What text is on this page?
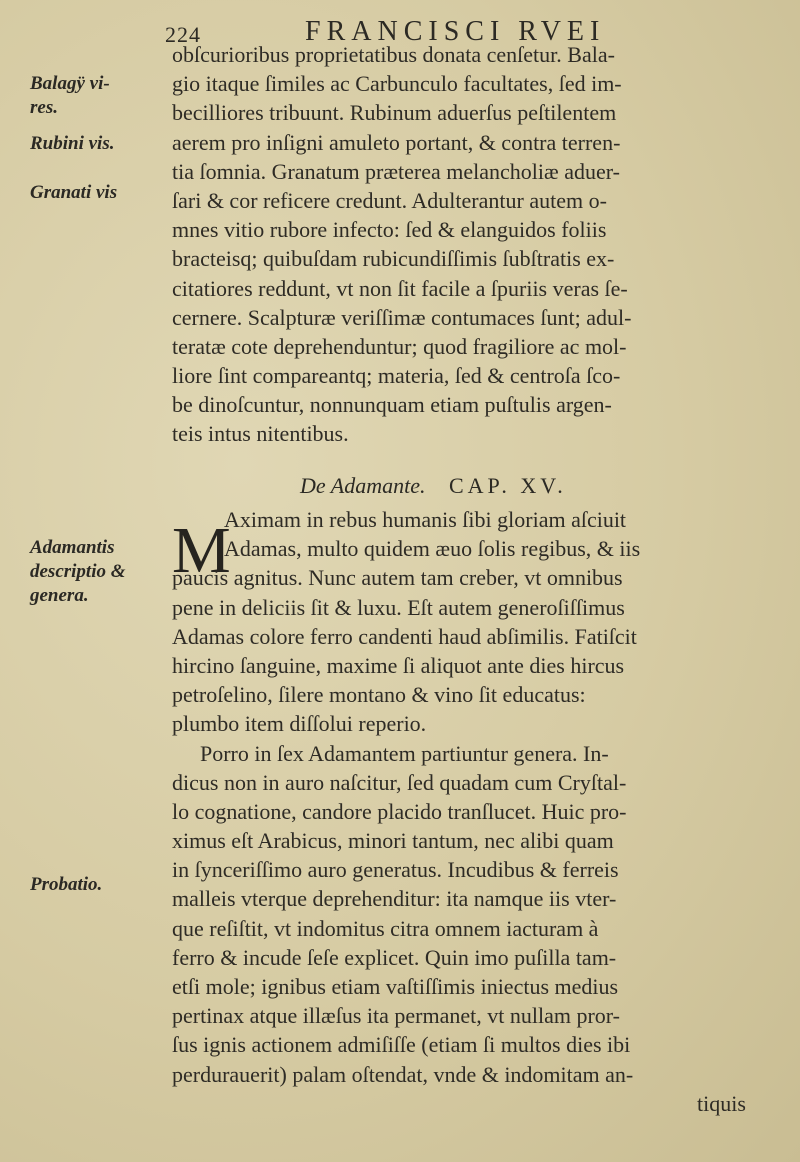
224	FRANCISCI RVEI
Balagÿ vi-
res.
Rubini vis.
Granati vis
Adamantis
descriptio &
genera.
Probatio.
obſcurioribus proprietatibus donata cenſetur. Bala-
gio itaque ſimiles ac Carbunculo facultates, ſed im-
becilliores tribuunt. Rubinum aduerſus peſtilentem
aerem pro inſigni amuleto portant, & contra terren-
tia ſomnia. Granatum præterea melancholiæ aduer-
ſari & cor reficere credunt. Adulterantur autem o-
mnes vitio rubore infecto: ſed & elanguidos foliis
bracteisq; quibuſdam rubicundiſſimis ſubſtratis ex-
citatiores reddunt, vt non ſit facile a ſpuriis veras ſe-
cernere. Scalpturæ veriſſimæ contumaces ſunt; adul-
teratæ cote deprehenduntur; quod fragiliore ac mol-
liore ſint compareantq; materia, ſed & centroſa ſco-
be dinoſcuntur, nonnunquam etiam puſtulis argen-
teis intus nitentibus.
De Adamante. CAP. XV.
M
Aximam in rebus humanis ſibi gloriam aſciuit
Adamas, multo quidem æuo ſolis regibus, & iis
paucis agnitus. Nunc autem tam creber, vt omnibus
pene in deliciis ſit & luxu. Eſt autem generoſiſſimus
Adamas colore ferro candenti haud abſimilis. Fatiſcit
hircino ſanguine, maxime ſi aliquot ante dies hircus
petroſelino, ſilere montano & vino ſit educatus:
plumbo item diſſolui reperio.
Porro in ſex Adamantem partiuntur genera. In-
dicus non in auro naſcitur, ſed quadam cum Cryſtal-
lo cognatione, candore placido tranſlucet. Huic pro-
ximus eſt Arabicus, minori tantum, nec alibi quam
in ſynceriſſimo auro generatus. Incudibus & ferreis
malleis vterque deprehenditur: ita namque iis vter-
que reſiſtit, vt indomitus citra omnem iacturam à
ferro & incude ſeſe explicet. Quin imo puſilla tam-
etſi mole; ignibus etiam vaſtiſſimis iniectus medius
pertinax atque illæſus ita permanet, vt nullam pror-
ſus ignis actionem admiſiſſe (etiam ſi multos dies ibi
perdurauerit) palam oſtendat, vnde & indomitam an-
tiquis
